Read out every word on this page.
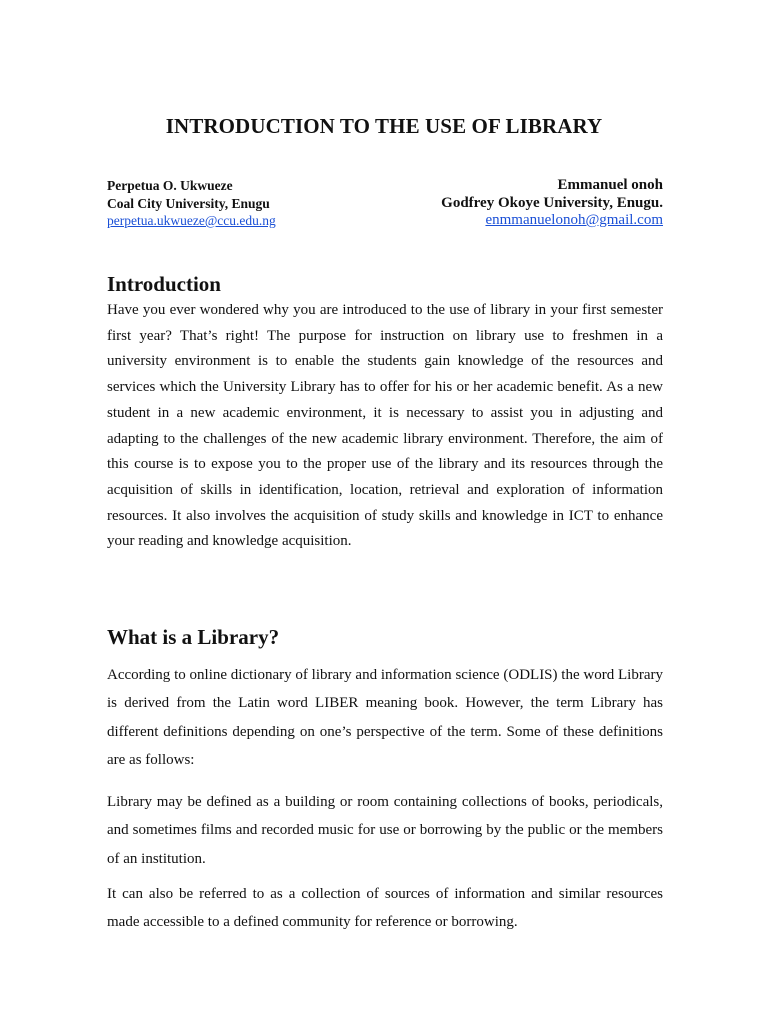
INTRODUCTION TO THE USE OF LIBRARY
Perpetua O. Ukwueze
Coal City University, Enugu
perpetua.ukwueze@ccu.edu.ng
Emmanuel onoh
Godfrey Okoye University, Enugu.
enmmanuelonoh@gmail.com
Introduction

Have you ever wondered why you are introduced to the use of library in your first semester first year? That’s right! The purpose for instruction on library use to freshmen in a university environment is to enable the students gain knowledge of the resources and services which the University Library has to offer for his or her academic benefit. As a new student in a new academic environment, it is necessary to assist you in adjusting and adapting to the challenges of the new academic library environment. Therefore, the aim of this course is to expose you to the proper use of the library and its resources through the acquisition of skills in identification, location, retrieval and exploration of information resources. It also involves the acquisition of study skills and knowledge in ICT to enhance your reading and knowledge acquisition.

What is a Library?

According to online dictionary of library and information science (ODLIS) the word Library is derived from the Latin word LIBER meaning book. However, the term Library has different definitions depending on one’s perspective of the term. Some of these definitions are as follows:

Library may be defined as a building or room containing collections of books, periodicals, and sometimes films and recorded music for use or borrowing by the public or the members of an institution.

It can also be referred to as a collection of sources of information and similar resources made accessible to a defined community for reference or borrowing.
